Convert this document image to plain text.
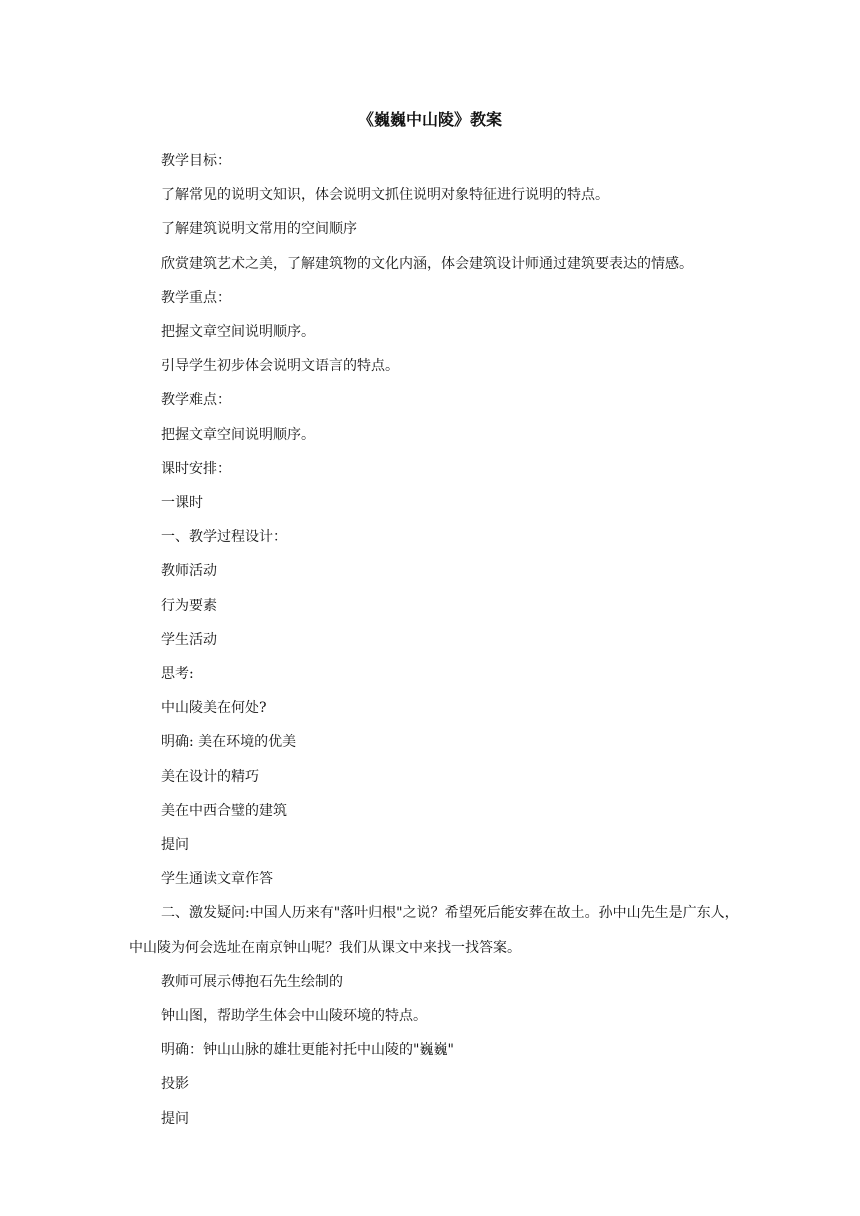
《巍巍中山陵》教案

教学目标：

了解常见的说明文知识，体会说明文抓住说明对象特征进行说明的特点。

了解建筑说明文常用的空间顺序

欣赏建筑艺术之美，了解建筑物的文化内涵，体会建筑设计师通过建筑要表达的情感。

教学重点：

把握文章空间说明顺序。

引导学生初步体会说明文语言的特点。

教学难点：

把握文章空间说明顺序。

课时安排：

一课时

一、教学过程设计：

教师活动

行为要素

学生活动

思考:

中山陵美在何处?

明确: 美在环境的优美

美在设计的精巧

美在中西合璧的建筑

提问

学生通读文章作答

二、激发疑问:中国人历来有"落叶归根"之说？希望死后能安葬在故土。孙中山先生是广东人，中山陵为何会选址在南京钟山呢？我们从课文中来找一找答案。

教师可展示傅抱石先生绘制的

钟山图，帮助学生体会中山陵环境的特点。

明确：钟山山脉的雄壮更能衬托中山陵的"巍巍"

投影

提问
